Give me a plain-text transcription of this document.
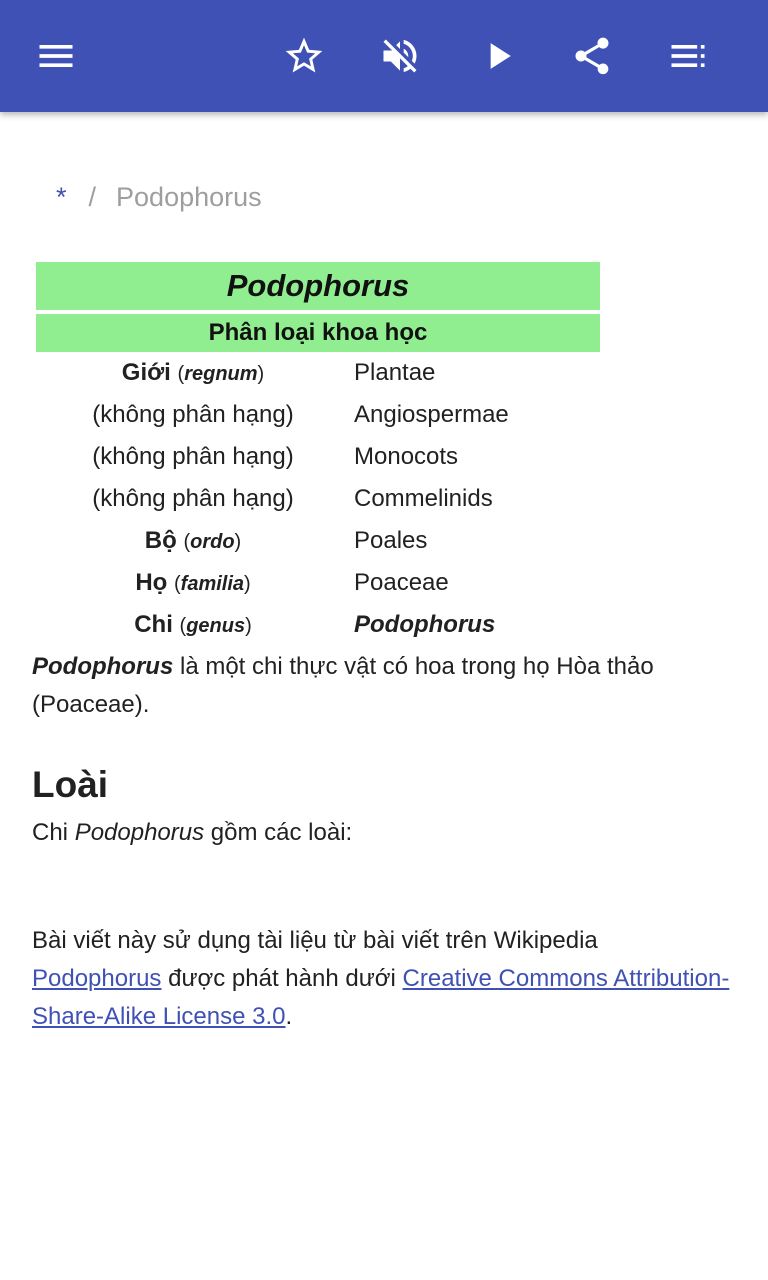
* / Podophorus
Podophorus
Phân loại khoa học
Giới (regnum)	Plantae
(không phân hạng)	Angiospermae
(không phân hạng)	Monocots
(không phân hạng)	Commelinids
Bộ (ordo)	Poales
Họ (familia)	Poaceae
Chi (genus)	Podophorus
Podophorus là một chi thực vật có hoa trong họ Hòa thảo (Poaceae).
Loài
Chi Podophorus gồm các loài:
Bài viết này sử dụng tài liệu từ bài viết trên Wikipedia Podophorus được phát hành dưới Creative Commons Attribution-Share-Alike License 3.0.
